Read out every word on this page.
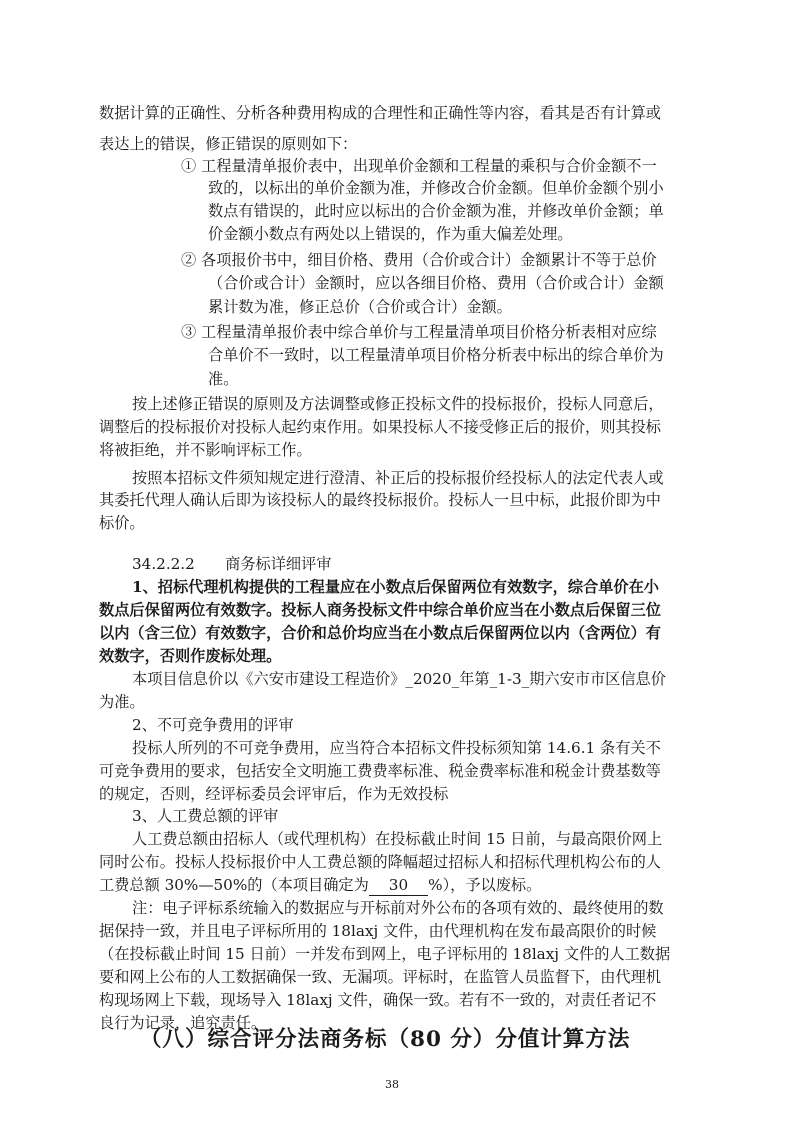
数据计算的正确性、分析各种费用构成的合理性和正确性等内容，看其是否有计算或
表达上的错误，修正错误的原则如下：
① 工程量清单报价表中，出现单价金额和工程量的乘积与合价金额不一
致的，以标出的单价金额为准，并修改合价金额。但单价金额个别小
数点有错误的，此时应以标出的合价金额为准，并修改单价金额；单
价金额小数点有两处以上错误的，作为重大偏差处理。
② 各项报价书中，细目价格、费用（合价或合计）金额累计不等于总价
（合价或合计）金额时，应以各细目价格、费用（合价或合计）金额
累计数为准，修正总价（合价或合计）金额。
③ 工程量清单报价表中综合单价与工程量清单项目价格分析表相对应综
合单价不一致时，以工程量清单项目价格分析表中标出的综合单价为
准。
按上述修正错误的原则及方法调整或修正投标文件的投标报价，投标人同意后，
调整后的投标报价对投标人起约束作用。如果投标人不接受修正后的报价，则其投标
将被拒绝，并不影响评标工作。
按照本招标文件须知规定进行澄清、补正后的投标报价经投标人的法定代表人或
其委托代理人确认后即为该投标人的最终投标报价。投标人一旦中标，此报价即为中
标价。
34.2.2.2　　商务标详细评审
1、招标代理机构提供的工程量应在小数点后保留两位有效数字，综合单价在小
数点后保留两位有效数字。投标人商务投标文件中综合单价应当在小数点后保留三位
以内（含三位）有效数字，合价和总价均应当在小数点后保留两位以内（含两位）有
效数字，否则作废标处理。
本项目信息价以《六安市建设工程造价》_2020_年第_1-3_期六安市市区信息价
为准。
2、不可竞争费用的评审
投标人所列的不可竞争费用，应当符合本招标文件投标须知第 14.6.1 条有关不
可竞争费用的要求，包括安全文明施工费费率标准、税金费率标准和税金计费基数等
的规定，否则，经评标委员会评审后，作为无效投标
3、人工费总额的评审
人工费总额由招标人（或代理机构）在投标截止时间 15 日前，与最高限价网上
同时公布。投标人投标报价中人工费总额的降幅超过招标人和招标代理机构公布的人
工费总额 30%—50%的（本项目确定为　 30 　%），予以废标。
注：电子评标系统输入的数据应与开标前对外公布的各项有效的、最终使用的数
据保持一致，并且电子评标所用的 18laxj 文件，由代理机构在发布最高限价的时候
（在投标截止时间 15 日前）一并发布到网上，电子评标用的 18laxj 文件的人工数据
要和网上公布的人工数据确保一致、无漏项。评标时，在监管人员监督下，由代理机
构现场网上下载，现场导入 18laxj 文件，确保一致。若有不一致的，对责任者记不
良行为记录，追究责任。
（八）综合评分法商务标（80 分）分值计算方法
38
